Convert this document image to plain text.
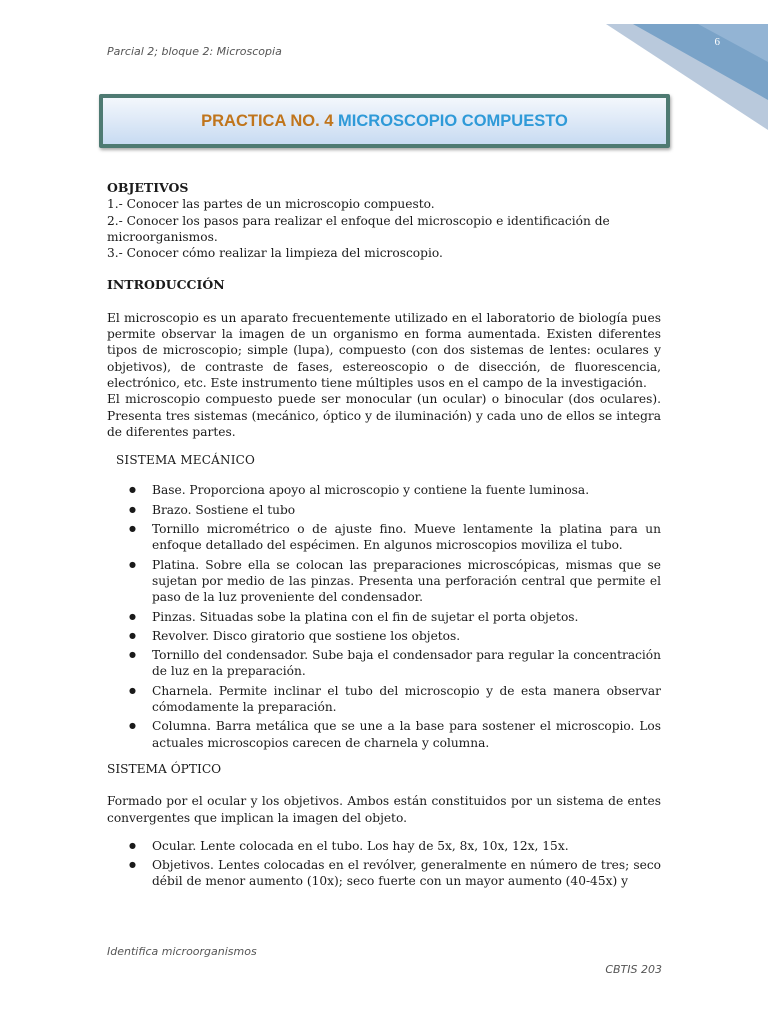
Parcial 2; bloque 2: Microscopia
6
PRACTICA NO. 4 MICROSCOPIO COMPUESTO
OBJETIVOS
1.- Conocer las partes de un microscopio compuesto.
2.- Conocer los pasos para realizar el enfoque del microscopio e identificación de microorganismos.
3.- Conocer cómo realizar la limpieza del microscopio.
INTRODUCCIÓN
El microscopio es un aparato frecuentemente utilizado en el laboratorio de biología pues permite observar la imagen de un organismo en forma aumentada. Existen diferentes tipos de microscopio; simple (lupa), compuesto (con dos sistemas de lentes: oculares y objetivos), de contraste de fases, estereoscopio o de disección, de fluorescencia, electrónico, etc. Este instrumento tiene múltiples usos en el campo de la investigación.
El microscopio compuesto puede ser monocular (un ocular) o binocular (dos oculares). Presenta tres sistemas (mecánico, óptico y de iluminación) y cada uno de ellos se integra de diferentes partes.
SISTEMA MECÁNICO
● Base. Proporciona apoyo al microscopio y contiene la fuente luminosa.
● Brazo. Sostiene el tubo
● Tornillo micrométrico o de ajuste fino. Mueve lentamente la platina para un enfoque detallado del espécimen. En algunos microscopios moviliza el tubo.
● Platina. Sobre ella se colocan las preparaciones microscópicas, mismas que se sujetan por medio de las pinzas. Presenta una perforación central que permite el paso de la luz proveniente del condensador.
● Pinzas. Situadas sobe la platina con el fin de sujetar el porta objetos.
● Revolver. Disco giratorio que sostiene los objetos.
● Tornillo del condensador. Sube baja el condensador para regular la concentración de luz en la preparación.
● Charnela. Permite inclinar el tubo del microscopio y de esta manera observar cómodamente la preparación.
● Columna. Barra metálica que se une a la base para sostener el microscopio. Los actuales microscopios carecen de charnela y columna.
SISTEMA ÓPTICO
Formado por el ocular y los objetivos. Ambos están constituidos por un sistema de entes convergentes que implican la imagen del objeto.
● Ocular. Lente colocada en el tubo. Los hay de 5x, 8x, 10x, 12x, 15x.
● Objetivos. Lentes colocadas en el revólver, generalmente en número de tres; seco débil de menor aumento (10x); seco fuerte con un mayor aumento (40-45x) y
Identifica microorganismos
CBTIS 203
